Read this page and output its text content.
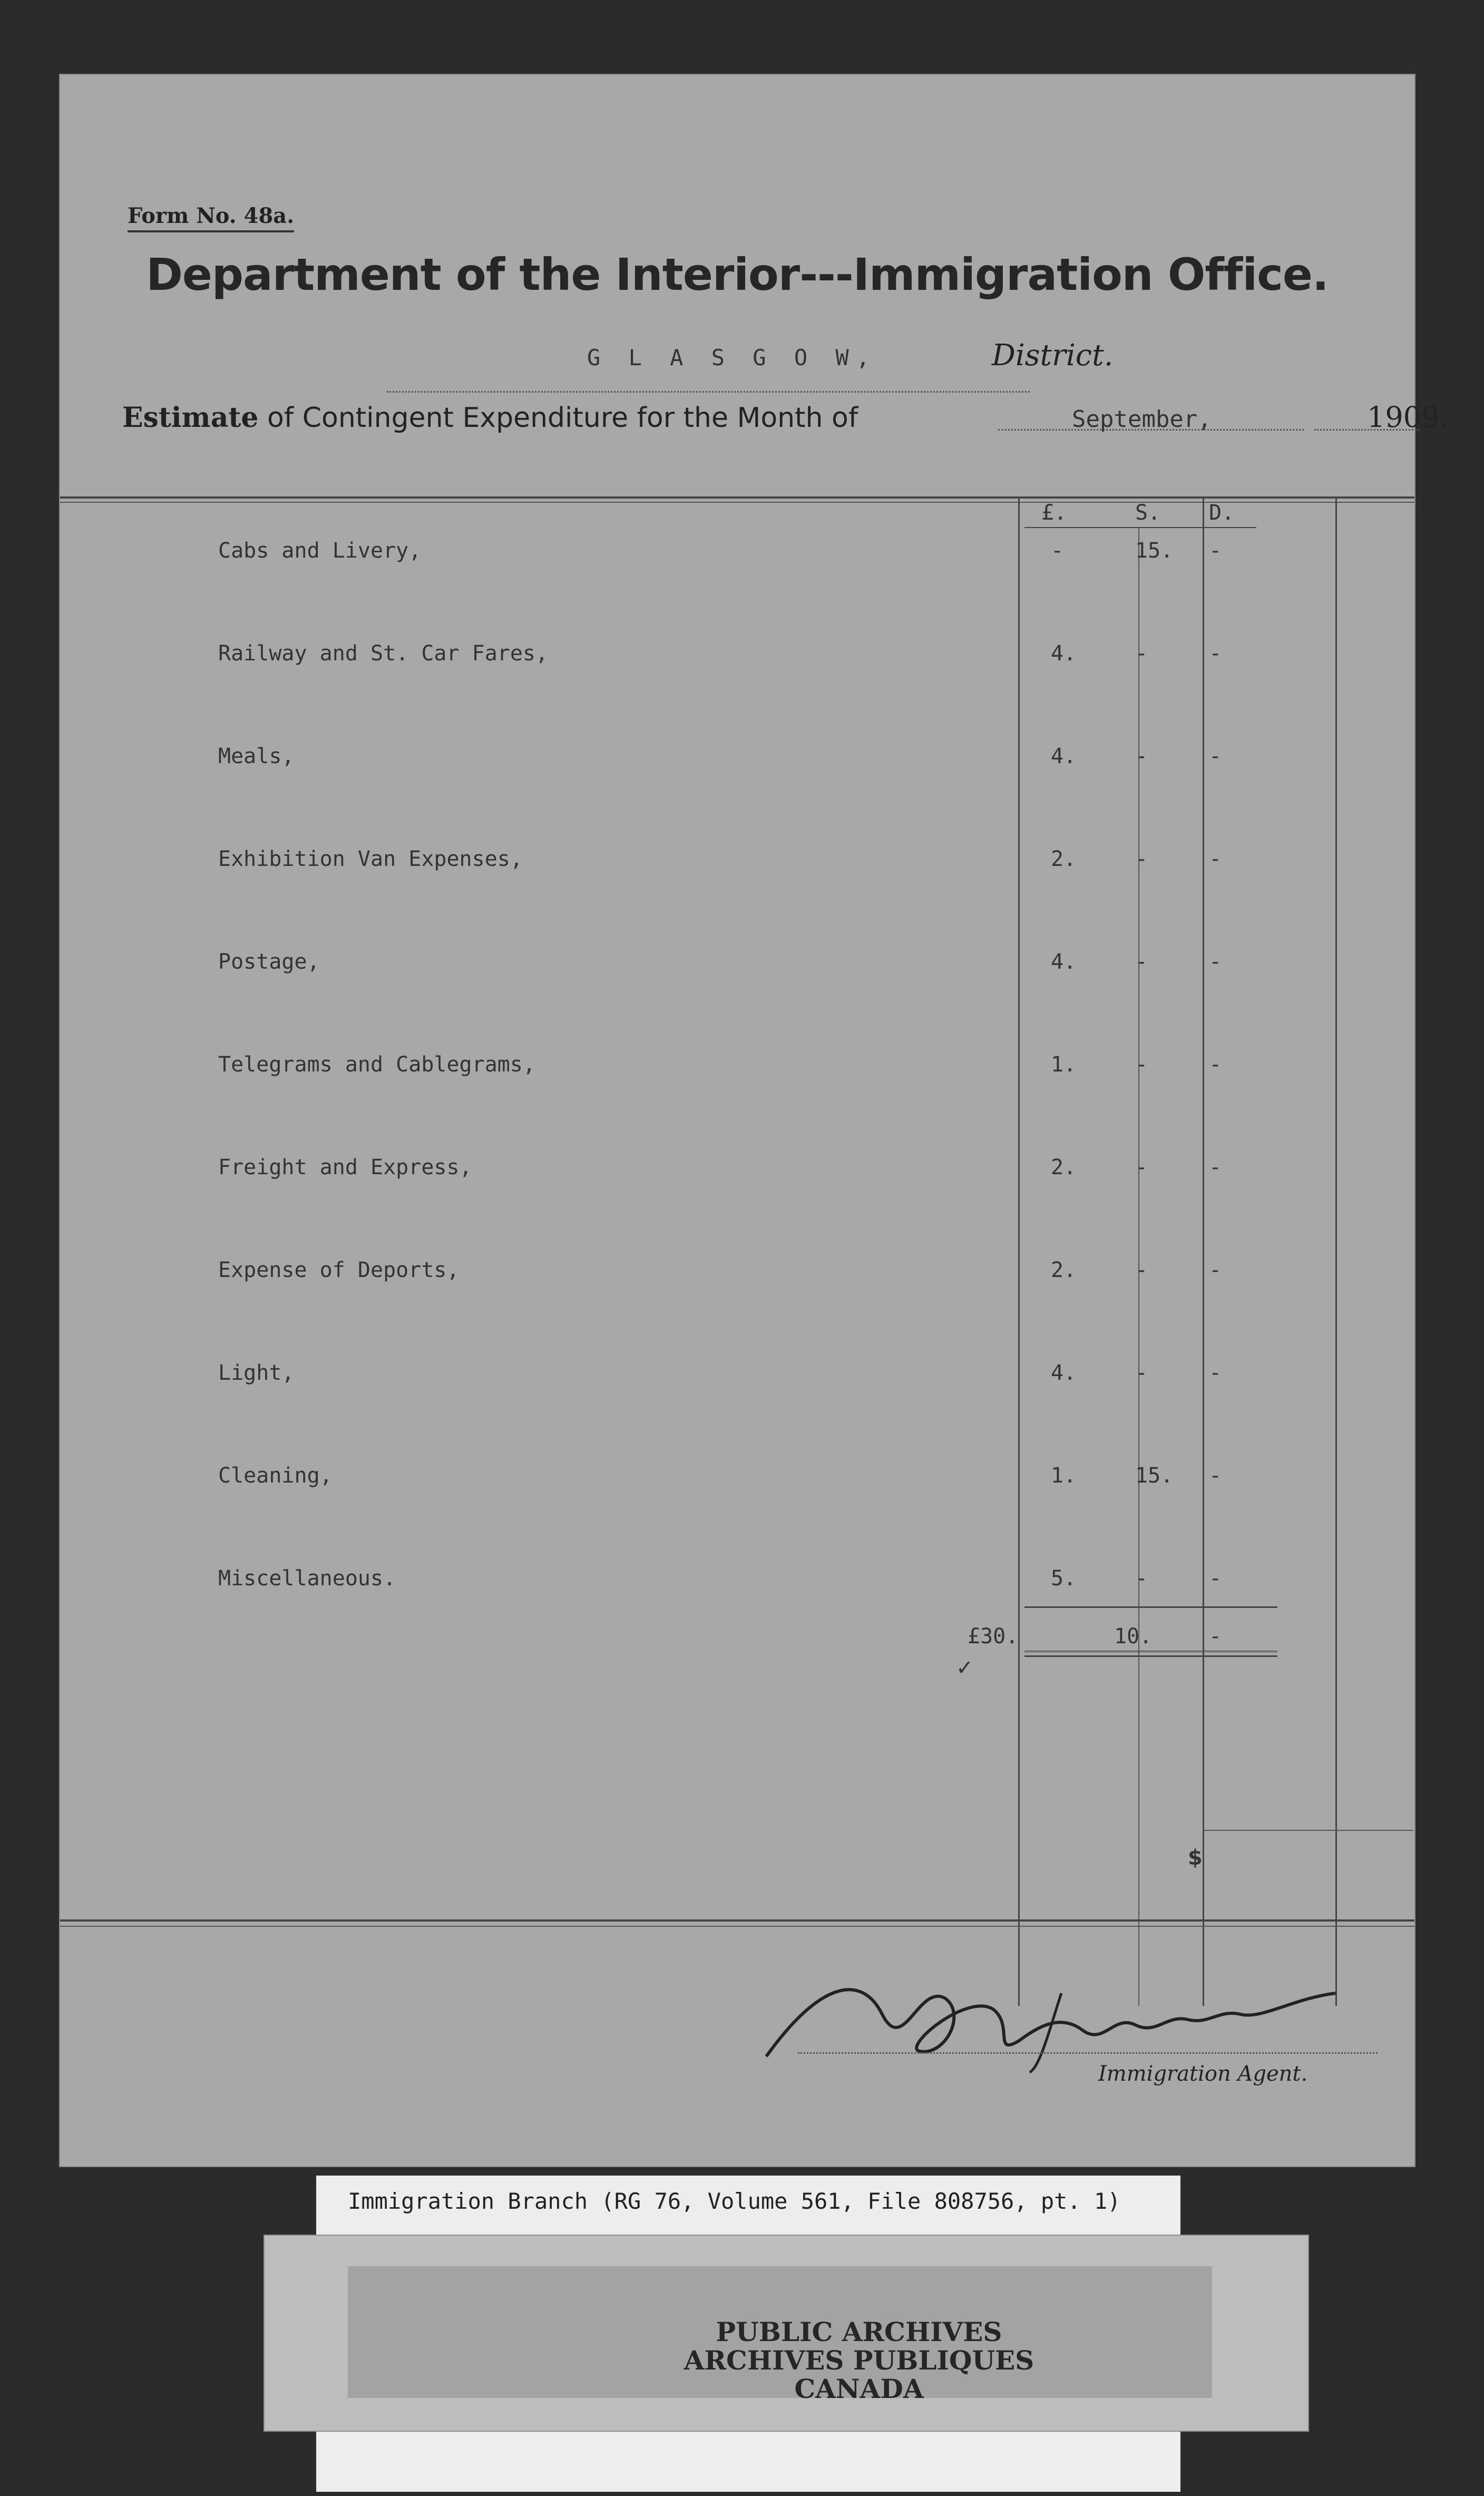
Form No. 48a.
Department of the Interior---Immigration Office.
G L A S G O W,	District.
Estimate of Contingent Expenditure for the Month of	September,	1909.
£.	S. D.
Cabs and Livery,	-	15. -
Railway and St. Car Fares,	4.	-	-
Meals,	4.	-	-
Exhibition Van Expenses,	2.	-	-
Postage,	4.	-	-
Telegrams and Cablegrams,	1.	-	-
Freight and Express,	2.	-	-
Expense of Deports,	2.	-	-
Light,	4.	-	-
Cleaning,	1.	15. -
Miscellaneous.	5.	-	-
✓
£30.	10.	-
$
Immigration Agent.
Immigration Branch (RG 76, Volume 561, File 808756, pt. 1)
PUBLIC ARCHIVES
ARCHIVES PUBLIQUES
CANADA
